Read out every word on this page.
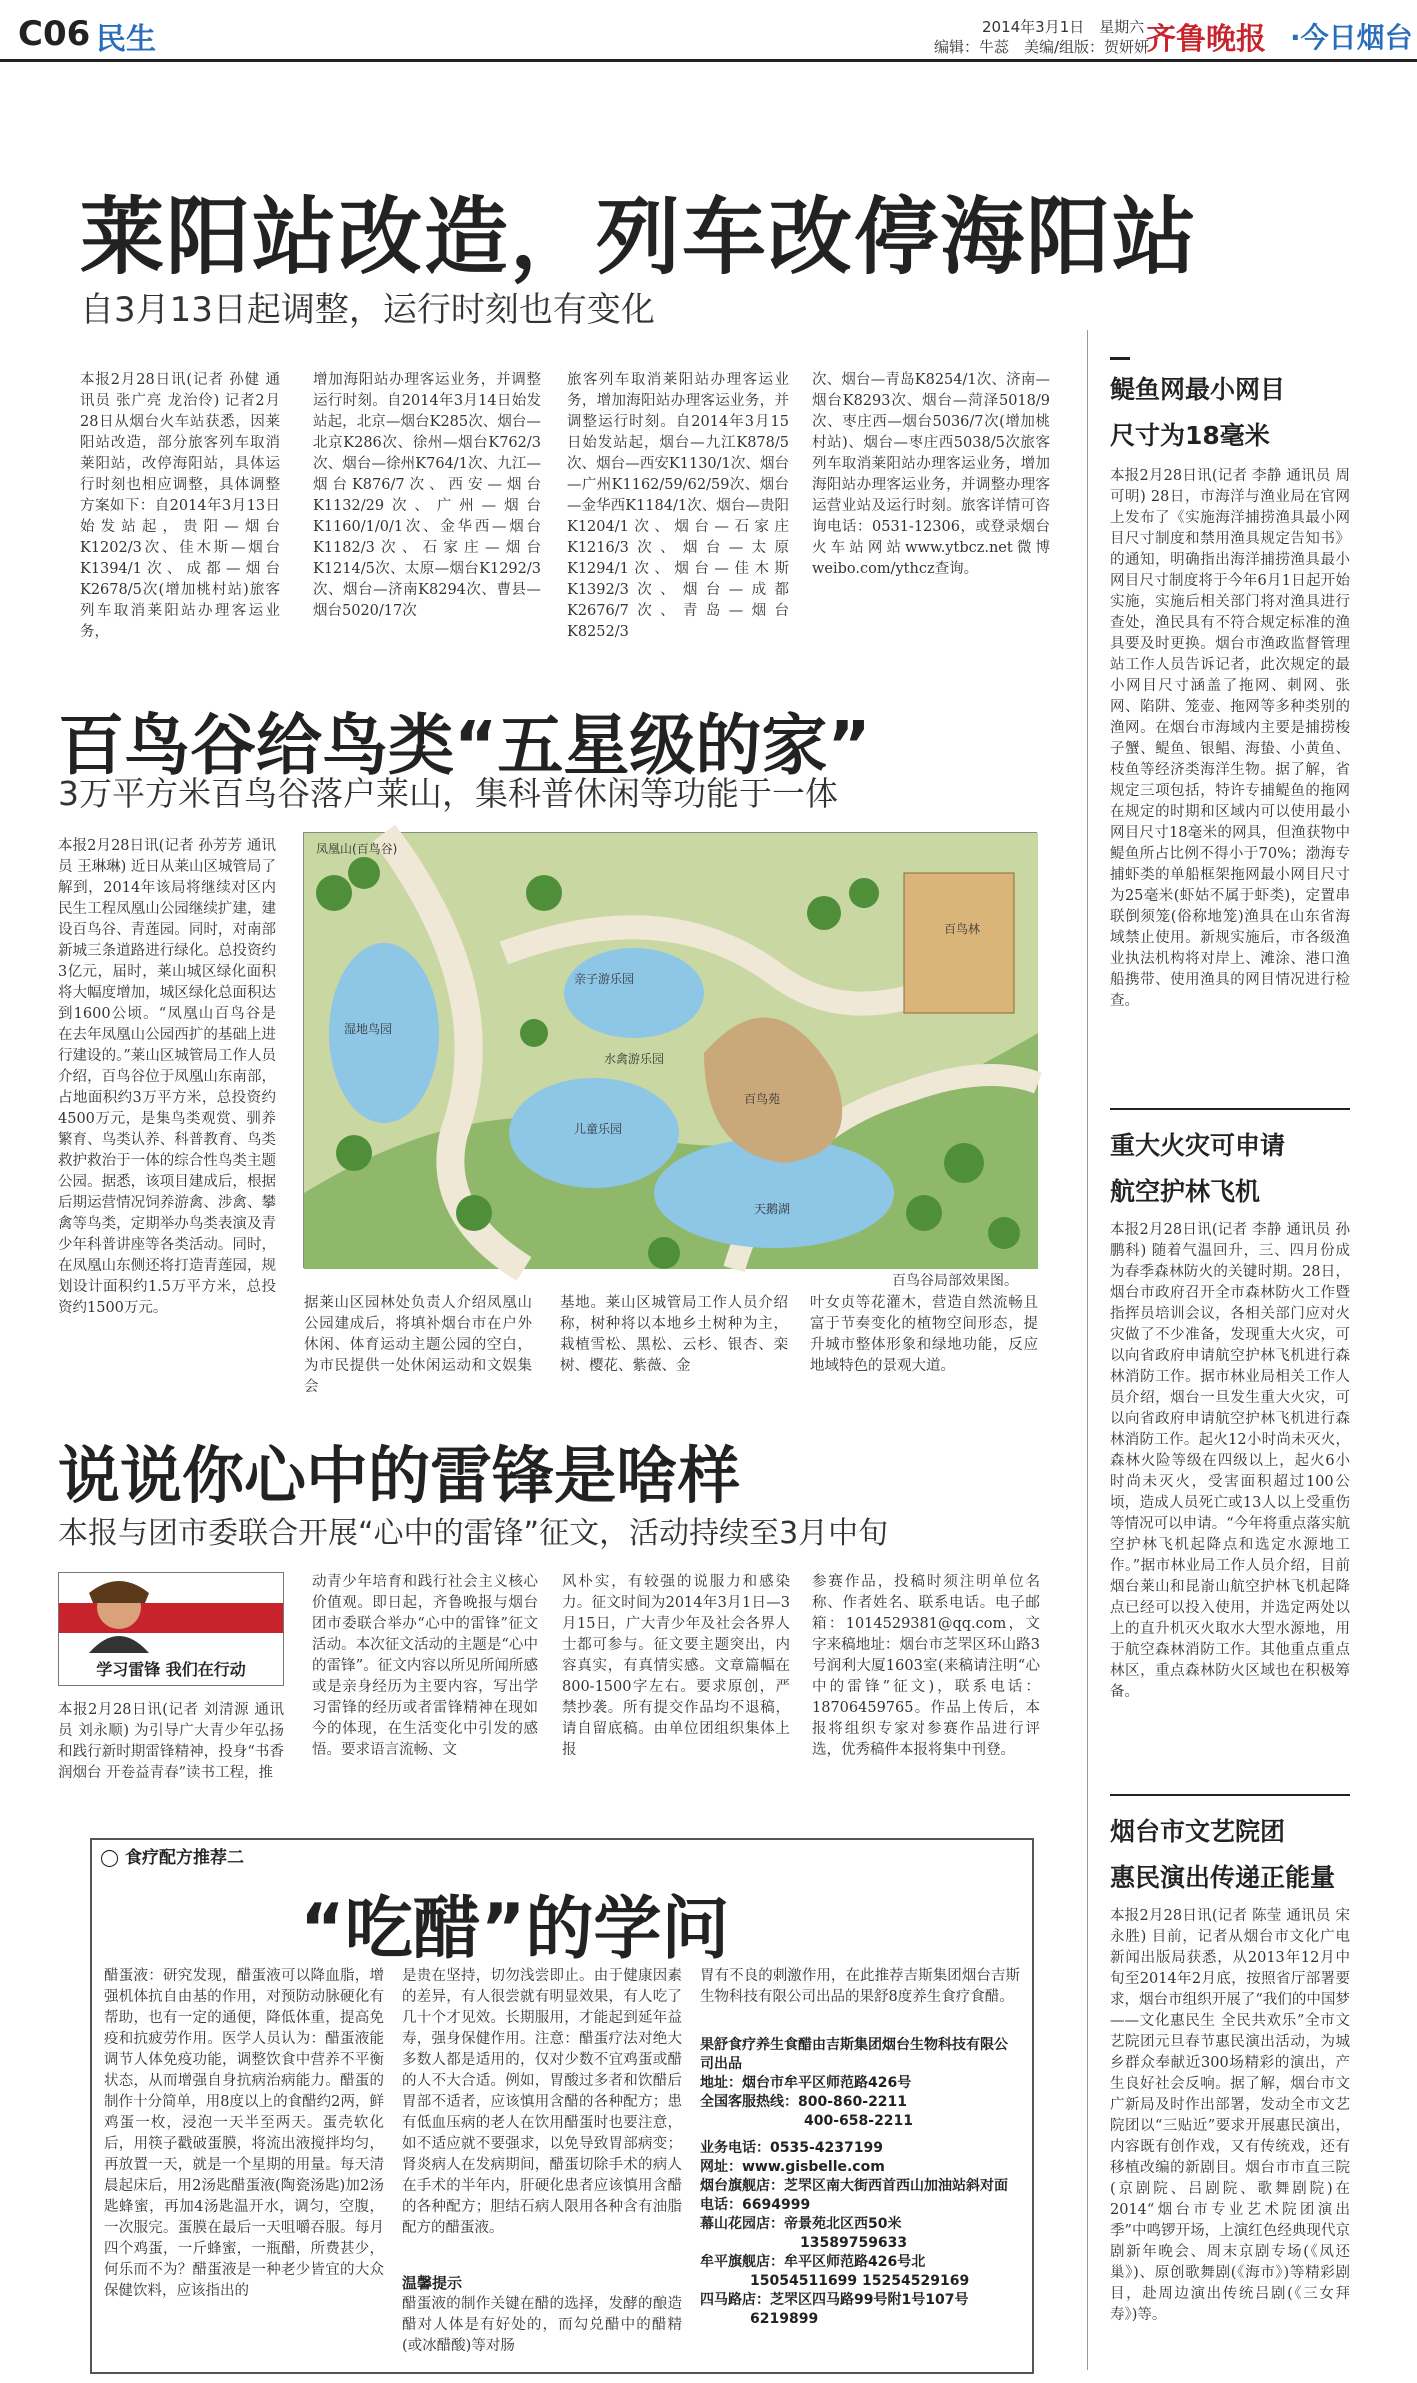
C06 民生	2014年3月1日　星期六
编辑：牛蕊　美编/组版：贺妍妍
齐鲁晚报 ·今日烟台
莱阳站改造，列车改停海阳站
自3月13日起调整，运行时刻也有变化
本报2月28日讯(记者 孙健 通讯员 张广亮 龙治伶) 记者2月28日从烟台火车站获悉，因莱阳站改造，部分旅客列车取消莱阳站，改停海阳站，具体运行时刻也相应调整，具体调整方案如下：自2014年3月13日始发站起，贵阳—烟台K1202/3次、佳木斯—烟台K1394/1次、成都—烟台K2678/5次(增加桃村站)旅客列车取消莱阳站办理客运业务，
增加海阳站办理客运业务，并调整运行时刻。自2014年3月14日始发站起，北京—烟台K285次、烟台—北京K286次、徐州—烟台K762/3次、烟台—徐州K764/1次、九江—烟台K876/7次、西安—烟台K1132/29次、广州—烟台K1160/1/0/1次、金华西—烟台K1182/3次、石家庄—烟台K1214/5次、太原—烟台K1292/3次、烟台—济南K8294次、曹县—烟台5020/17次
旅客列车取消莱阳站办理客运业务，增加海阳站办理客运业务，并调整运行时刻。自2014年3月15日始发站起，烟台—九江K878/5次、烟台—西安K1130/1次、烟台—广州K1162/59/62/59次、烟台—金华西K1184/1次、烟台—贵阳K1204/1次、烟台—石家庄K1216/3次、烟台—太原K1294/1次、烟台—佳木斯K1392/3次、烟台—成都K2676/7次、青岛—烟台K8252/3
次、烟台—青岛K8254/1次、济南—烟台K8293次、烟台—菏泽5018/9次、枣庄西—烟台5036/7次(增加桃村站)、烟台—枣庄西5038/5次旅客列车取消莱阳站办理客运业务，增加海阳站办理客运业务，并调整办理客运营业站及运行时刻。旅客详情可咨询电话：0531-12306，或登录烟台火车站网站www.ytbcz.net微博weibo.com/ythcz查询。
百鸟谷给鸟类“五星级的家”
3万平方米百鸟谷落户莱山，集科普休闲等功能于一体
本报2月28日讯(记者 孙芳芳 通讯员 王琳琳) 近日从莱山区城管局了解到，2014年该局将继续对区内民生工程凤凰山公园继续扩建，建设百鸟谷、青莲园。同时，对南部新城三条道路进行绿化。总投资约3亿元，届时，莱山城区绿化面积将大幅度增加，城区绿化总面积达到1600公顷。“凤凰山百鸟谷是在去年凤凰山公园西扩的基础上进行建设的。”莱山区城管局工作人员介绍，百鸟谷位于凤凰山东南部，占地面积约3万平方米，总投资约4500万元，是集鸟类观赏、驯养繁育、鸟类认养、科普教育、鸟类救护救治于一体的综合性鸟类主题公园。据悉，该项目建成后，根据后期运营情况饲养游禽、涉禽、攀禽等鸟类，定期举办鸟类表演及青少年科普讲座等各类活动。同时，在凤凰山东侧还将打造青莲园，规划设计面积约1.5万平方米，总投资约1500万元。
凤凰山(百鸟谷)
水禽游乐园
亲子游乐园
湿地鸟园
百鸟林
儿童乐园
百鸟苑
天鹅湖
百鸟谷局部效果图。
据莱山区园林处负责人介绍凤凰山公园建成后，将填补烟台市在户外休闲、体育运动主题公园的空白，为市民提供一处休闲运动和文娱集会
基地。莱山区城管局工作人员介绍称，树种将以本地乡土树种为主，栽植雪松、黑松、云杉、银杏、栾树、樱花、紫薇、金
叶女贞等花灌木，营造自然流畅且富于节奏变化的植物空间形态，提升城市整体形象和绿地功能，反应地域特色的景观大道。
说说你心中的雷锋是啥样
本报与团市委联合开展“心中的雷锋”征文，活动持续至3月中旬
学习雷锋 我们在行动
本报2月28日讯(记者 刘清源 通讯员 刘永顺) 为引导广大青少年弘扬和践行新时期雷锋精神，投身“书香润烟台 开卷益青春”读书工程，推
动青少年培育和践行社会主义核心价值观。即日起，齐鲁晚报与烟台团市委联合举办“心中的雷锋”征文活动。本次征文活动的主题是“心中的雷锋”。征文内容以所见所闻所感或是亲身经历为主要内容，写出学习雷锋的经历或者雷锋精神在现如今的体现，在生活变化中引发的感悟。要求语言流畅、文
风朴实，有较强的说服力和感染力。征文时间为2014年3月1日—3月15日，广大青少年及社会各界人士都可参与。征文要主题突出，内容真实，有真情实感。文章篇幅在800-1500字左右。要求原创，严禁抄袭。所有提交作品均不退稿，请自留底稿。由单位团组织集体上报
参赛作品，投稿时须注明单位名称、作者姓名、联系电话。电子邮箱：1014529381@qq.com，文字来稿地址：烟台市芝罘区环山路3号润利大厦1603室(来稿请注明“心中的雷锋”征文)，联系电话：18706459765。作品上传后，本报将组织专家对参赛作品进行评选，优秀稿件本报将集中刊登。
◯ 食疗配方推荐二
“吃醋”的学问
醋蛋液：研究发现，醋蛋液可以降血脂，增强机体抗自由基的作用，对预防动脉硬化有帮助，也有一定的通便，降低体重，提高免疫和抗疲劳作用。医学人员认为：醋蛋液能调节人体免疫功能，调整饮食中营养不平衡状态，从而增强自身抗病治病能力。醋蛋的制作十分简单，用8度以上的食醋约2两，鲜鸡蛋一枚，浸泡一天半至两天。蛋壳软化后，用筷子戳破蛋膜，将流出液搅拌均匀，再放置一天，就是一个星期的用量。每天清晨起床后，用2汤匙醋蛋液(陶瓷汤匙)加2汤匙蜂蜜，再加4汤匙温开水，调匀，空腹，一次服完。蛋膜在最后一天咀嚼吞服。每月四个鸡蛋，一斤蜂蜜，一瓶醋，所费甚少，何乐而不为？醋蛋液是一种老少皆宜的大众保健饮料，应该指出的
是贵在坚持，切勿浅尝即止。由于健康因素的差异，有人很尝就有明显效果，有人吃了几十个才见效。长期服用，才能起到延年益寿，强身保健作用。注意：醋蛋疗法对绝大多数人都是适用的，仅对少数不宜鸡蛋或醋的人不大合适。例如，胃酸过多者和饮醋后胃部不适者，应该慎用含醋的各种配方；患有低血压病的老人在饮用醋蛋时也要注意，如不适应就不要强求，以免导致胃部病变；肾炎病人在发病期间，醋蛋切除手术的病人在手术的半年内，肝硬化患者应该慎用含醋的各种配方；胆结石病人限用各种含有油脂配方的醋蛋液。
温馨提示
醋蛋液的制作关键在醋的选择，发酵的酿造醋对人体是有好处的，而勾兑醋中的醋精(或冰醋酸)等对肠
胃有不良的刺激作用，在此推荐吉斯集团烟台吉斯生物科技有限公司出品的果舒8度养生食疗食醋。
果舒食疗养生食醋由吉斯集团烟台生物科技有限公司出品
地址：烟台市牟平区师范路426号
全国客服热线：800-860-2211
400-658-2211
业务电话：0535-4237199
网址：www.gisbelle.com
烟台旗舰店：芝罘区南大街西首西山加油站斜对面
电话：6694999
幕山花园店：帝景苑北区西50米
13589759633
牟平旗舰店：牟平区师范路426号北
15054511699 15254529169
四马路店：芝罘区四马路99号附1号107号
6219899
鳀鱼网最小网目
尺寸为18毫米
本报2月28日讯(记者 李静 通讯员 周可明) 28日，市海洋与渔业局在官网上发布了《实施海洋捕捞渔具最小网目尺寸制度和禁用渔具规定告知书》的通知，明确指出海洋捕捞渔具最小网目尺寸制度将于今年6月1日起开始实施，实施后相关部门将对渔具进行查处，渔民具有不符合规定标准的渔具要及时更换。烟台市渔政监督管理站工作人员告诉记者，此次规定的最小网目尺寸涵盖了拖网、刺网、张网、陷阱、笼壶、拖网等多种类别的渔网。在烟台市海域内主要是捕捞梭子蟹、鳀鱼、银鲳、海蛰、小黄鱼、枝鱼等经济类海洋生物。据了解，省规定三项包括，特许专捕鳀鱼的拖网在规定的时期和区域内可以使用最小网目尺寸18毫米的网具，但渔获物中鳀鱼所占比例不得小于70%；渤海专捕虾类的单船框架拖网最小网目尺寸为25毫米(虾姑不属于虾类)，定置串联倒须笼(俗称地笼)渔具在山东省海域禁止使用。新规实施后，市各级渔业执法机构将对岸上、滩涂、港口渔船携带、使用渔具的网目情况进行检查。
重大火灾可申请
航空护林飞机
本报2月28日讯(记者 李静 通讯员 孙鹏科) 随着气温回升，三、四月份成为春季森林防火的关键时期。28日，烟台市政府召开全市森林防火工作暨指挥员培训会议，各相关部门应对火灾做了不少准备，发现重大火灾，可以向省政府申请航空护林飞机进行森林消防工作。据市林业局相关工作人员介绍，烟台一旦发生重大火灾，可以向省政府申请航空护林飞机进行森林消防工作。起火12小时尚未灭火，森林火险等级在四级以上，起火6小时尚未灭火，受害面积超过100公顷，造成人员死亡或13人以上受重伤等情况可以申请。“今年将重点落实航空护林飞机起降点和选定水源地工作。”据市林业局工作人员介绍，目前烟台莱山和昆嵛山航空护林飞机起降点已经可以投入使用，并选定两处以上的直升机灭火取水大型水源地，用于航空森林消防工作。其他重点重点林区，重点森林防火区域也在积极筹备。
烟台市文艺院团
惠民演出传递正能量
本报2月28日讯(记者 陈莹 通讯员 宋永胜) 目前，记者从烟台市文化广电新闻出版局获悉，从2013年12月中旬至2014年2月底，按照省厅部署要求，烟台市组织开展了“我们的中国梦——文化惠民生 全民共欢乐”全市文艺院团元旦春节惠民演出活动，为城乡群众奉献近300场精彩的演出，产生良好社会反响。据了解，烟台市文广新局及时作出部署，发动全市文艺院团以“三贴近”要求开展惠民演出，内容既有创作戏，又有传统戏，还有移植改编的新剧目。烟台市市直三院(京剧院、吕剧院、歌舞剧院)在2014“烟台市专业艺术院团演出季”中鸣锣开场，上演红色经典现代京剧新年晚会、周末京剧专场(《凤还巢》)、原创歌舞剧(《海市》)等精彩剧目，赴周边演出传统吕剧(《三女拜寿》)等。
